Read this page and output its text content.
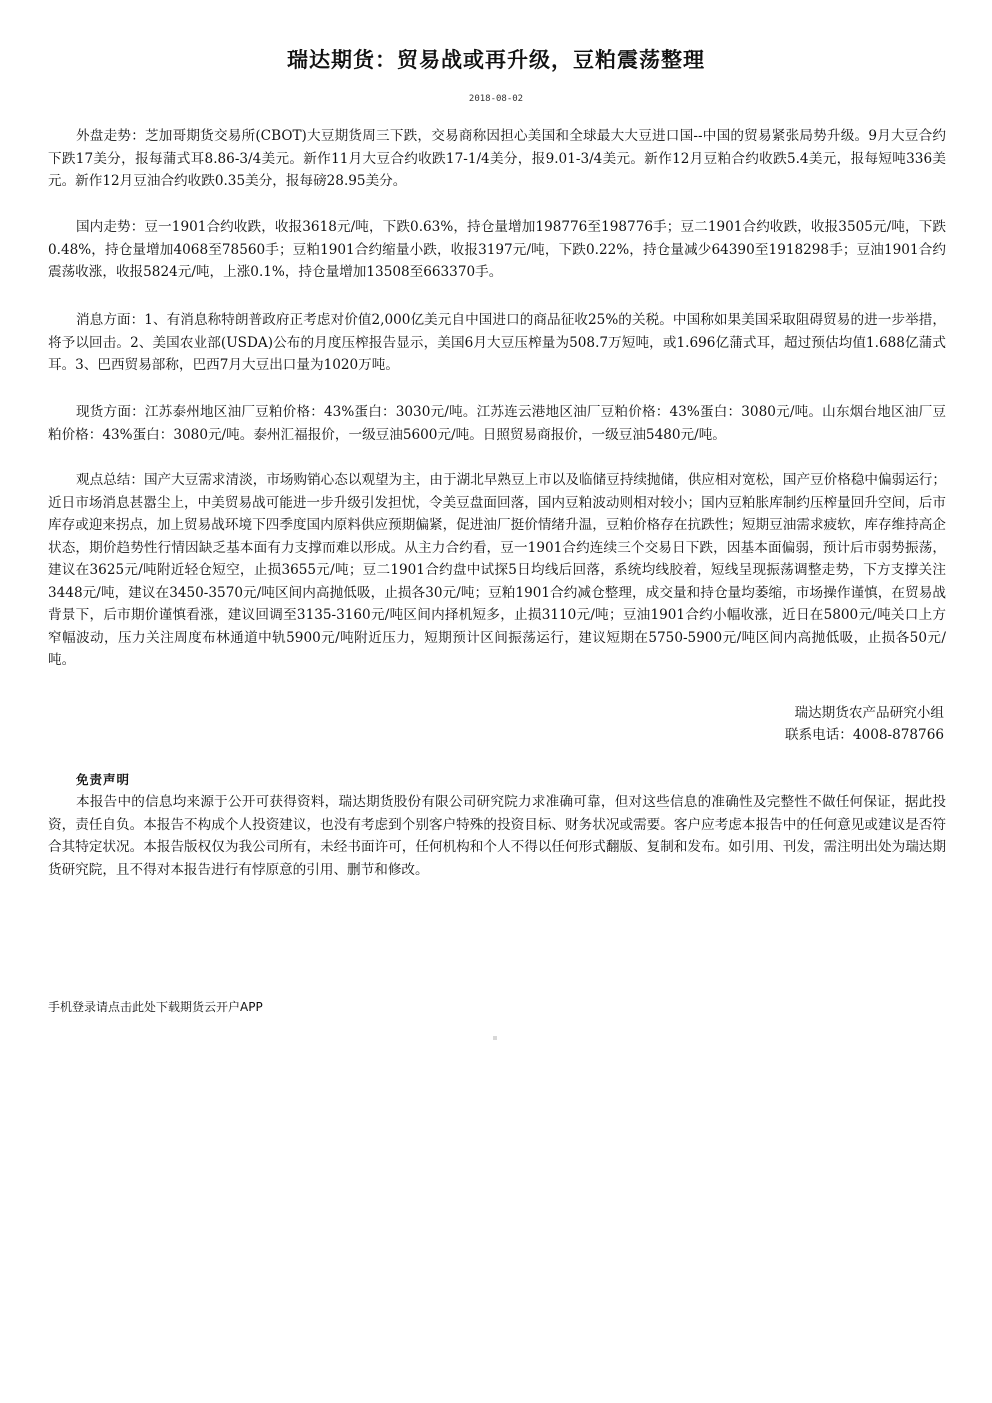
瑞达期货：贸易战或再升级，豆粕震荡整理
2018-08-02
外盘走势：芝加哥期货交易所(CBOT)大豆期货周三下跌，交易商称因担心美国和全球最大大豆进口国--中国的贸易紧张局势升级。9月大豆合约下跌17美分，报每蒲式耳8.86-3/4美元。新作11月大豆合约收跌17-1/4美分，报9.01-3/4美元。新作12月豆粕合约收跌5.4美元，报每短吨336美元。新作12月豆油合约收跌0.35美分，报每磅28.95美分。
国内走势：豆一1901合约收跌，收报3618元/吨，下跌0.63%，持仓量增加198776至198776手；豆二1901合约收跌，收报3505元/吨，下跌0.48%，持仓量增加4068至78560手；豆粕1901合约缩量小跌，收报3197元/吨，下跌0.22%，持仓量减少64390至1918298手；豆油1901合约震荡收涨，收报5824元/吨，上涨0.1%，持仓量增加13508至663370手。
消息方面：1、有消息称特朗普政府正考虑对价值2,000亿美元自中国进口的商品征收25%的关税。中国称如果美国采取阻碍贸易的进一步举措，将予以回击。2、美国农业部(USDA)公布的月度压榨报告显示，美国6月大豆压榨量为508.7万短吨，或1.696亿蒲式耳，超过预估均值1.688亿蒲式耳。3、巴西贸易部称，巴西7月大豆出口量为1020万吨。
现货方面：江苏泰州地区油厂豆粕价格：43%蛋白：3030元/吨。江苏连云港地区油厂豆粕价格：43%蛋白：3080元/吨。山东烟台地区油厂豆粕价格：43%蛋白：3080元/吨。泰州汇福报价，一级豆油5600元/吨。日照贸易商报价，一级豆油5480元/吨。
观点总结：国产大豆需求清淡，市场购销心态以观望为主，由于湖北早熟豆上市以及临储豆持续抛储，供应相对宽松，国产豆价格稳中偏弱运行；近日市场消息甚嚣尘上，中美贸易战可能进一步升级引发担忧，令美豆盘面回落，国内豆粕波动则相对较小；国内豆粕胀库制约压榨量回升空间，后市库存或迎来拐点，加上贸易战环境下四季度国内原料供应预期偏紧，促进油厂挺价情绪升温，豆粕价格存在抗跌性；短期豆油需求疲软，库存维持高企状态，期价趋势性行情因缺乏基本面有力支撑而难以形成。从主力合约看，豆一1901合约连续三个交易日下跌，因基本面偏弱，预计后市弱势振荡，建议在3625元/吨附近轻仓短空，止损3655元/吨；豆二1901合约盘中试探5日均线后回落，系统均线胶着，短线呈现振荡调整走势，下方支撑关注3448元/吨，建议在3450-3570元/吨区间内高抛低吸，止损各30元/吨；豆粕1901合约减仓整理，成交量和持仓量均萎缩，市场操作谨慎，在贸易战背景下，后市期价谨慎看涨，建议回调至3135-3160元/吨区间内择机短多，止损3110元/吨；豆油1901合约小幅收涨，近日在5800元/吨关口上方窄幅波动，压力关注周度布林通道中轨5900元/吨附近压力，短期预计区间振荡运行，建议短期在5750-5900元/吨区间内高抛低吸，止损各50元/吨。
瑞达期货农产品研究小组
联系电话：4008-878766
免责声明
本报告中的信息均来源于公开可获得资料，瑞达期货股份有限公司研究院力求准确可靠，但对这些信息的准确性及完整性不做任何保证，据此投资，责任自负。本报告不构成个人投资建议，也没有考虑到个别客户特殊的投资目标、财务状况或需要。客户应考虑本报告中的任何意见或建议是否符合其特定状况。本报告版权仅为我公司所有，未经书面许可，任何机构和个人不得以任何形式翻版、复制和发布。如引用、刊发，需注明出处为瑞达期货研究院，且不得对本报告进行有悖原意的引用、删节和修改。
手机登录请点击此处下载期货云开户APP
